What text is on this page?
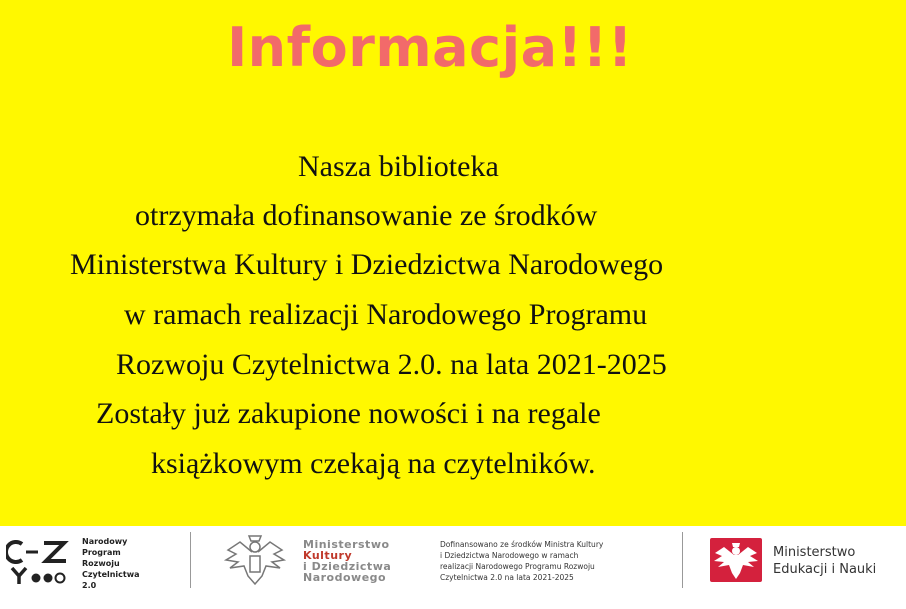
Informacja!!!
Nasza biblioteka
otrzymała dofinansowanie ze środków
Ministerstwa Kultury i Dziedzictwa Narodowego
w ramach realizacji Narodowego Programu
Rozwoju Czytelnictwa 2.0. na lata 2021-2025
Zostały już zakupione nowości i na regale
książkowym czekają na czytelników.
Narodowy
Program
Rozwoju
Czytelnictwa
2.0
Ministerstwo
Kultury
i Dziedzictwa
Narodowego
Dofinansowano ze środków Ministra Kultury
i Dziedzictwa Narodowego w ramach
realizacji Narodowego Programu Rozwoju
Czytelnictwa 2.0 na lata 2021-2025
Ministerstwo
Edukacji i Nauki
